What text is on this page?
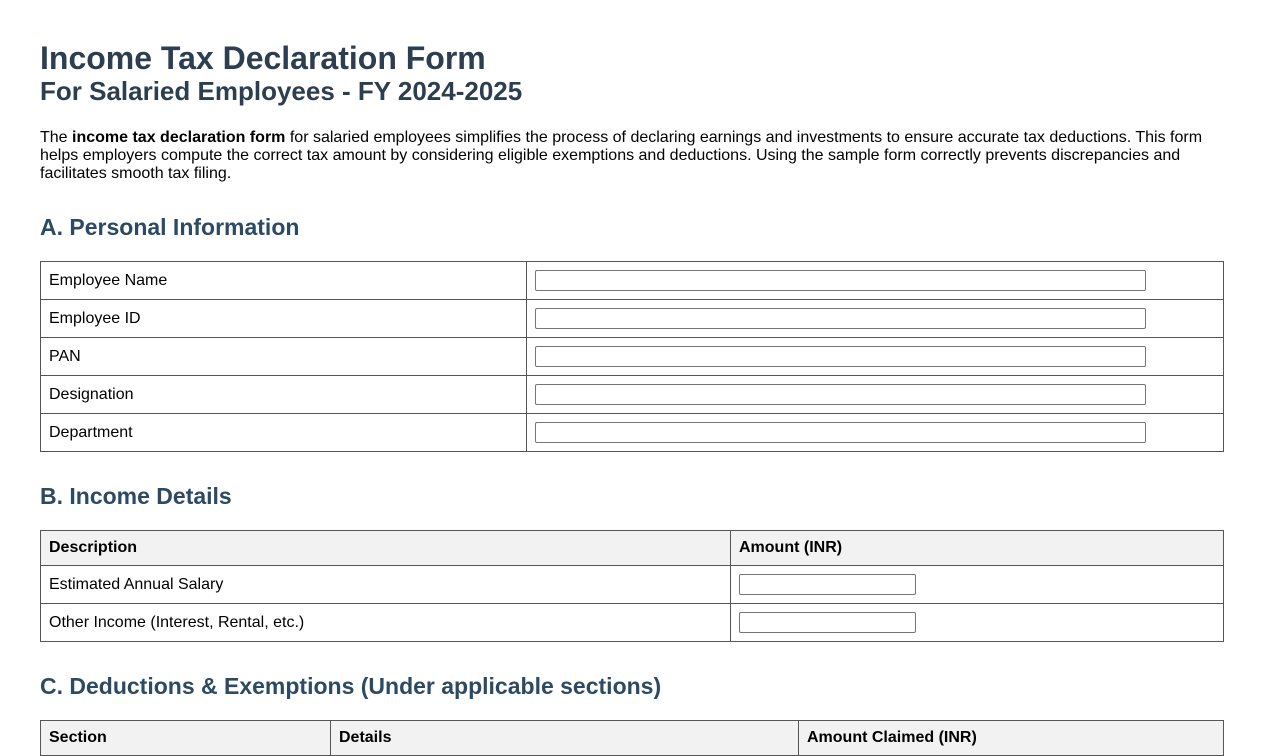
Income Tax Declaration Form
For Salaried Employees - FY 2024-2025

The income tax declaration form for salaried employees simplifies the process of declaring earnings and investments to ensure accurate tax deductions. This form helps employers compute the correct tax amount by considering eligible exemptions and deductions. Using the sample form correctly prevents discrepancies and facilitates smooth tax filing.

A. Personal Information
Employee Name	

Employee ID	

PAN	

Designation	

Department	
B. Income Details
Description	Amount (INR)
Estimated Annual Salary	

Other Income (Interest, Rental, etc.)	
C. Deductions & Exemptions (Under applicable sections)
Section	Details	Amount Claimed (INR)
